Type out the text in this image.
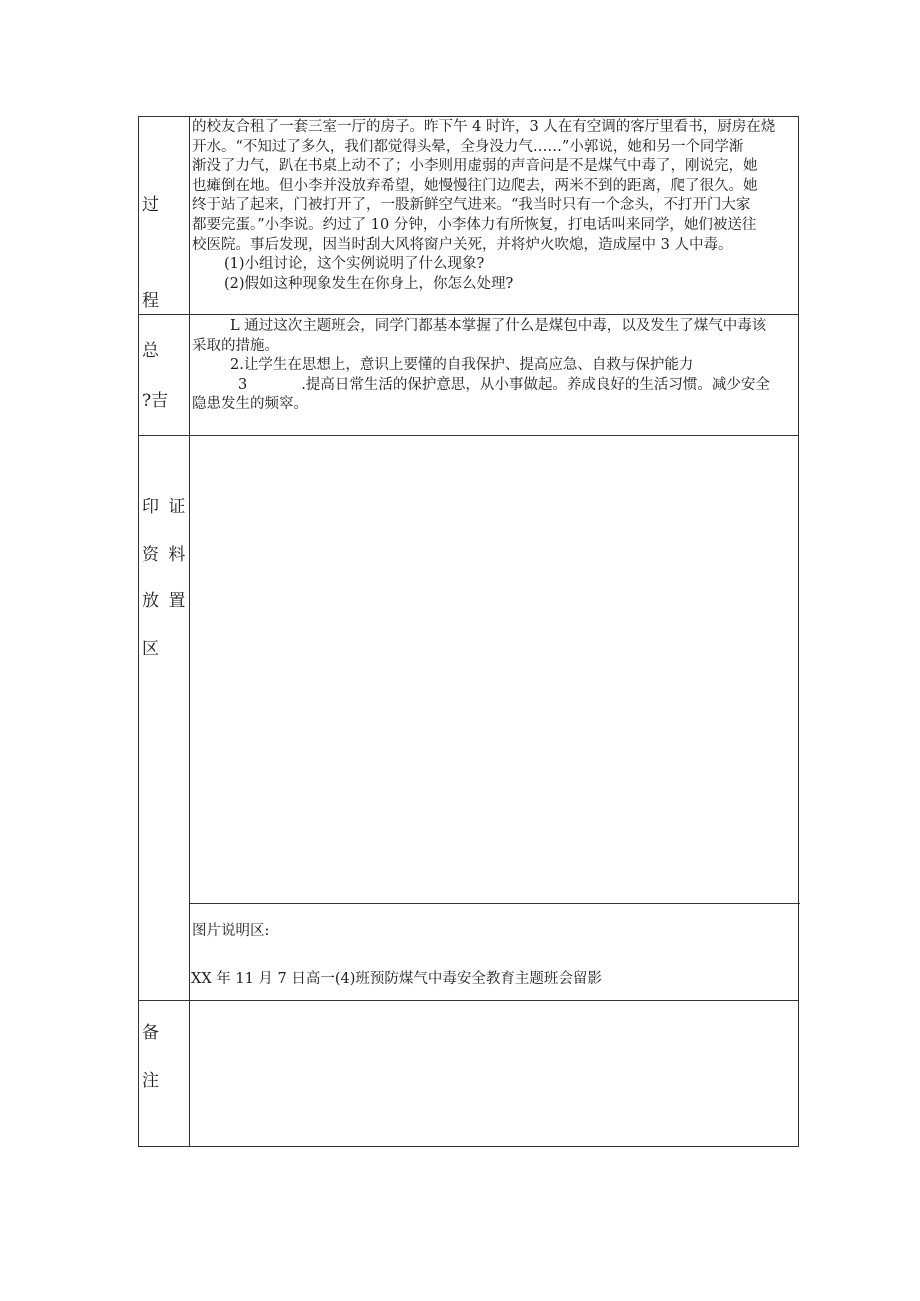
的校友合租了一套三室一厅的房子。昨下午 4 时许，3 人在有空调的客厅里看书，厨房在烧

开水。“不知过了多久，我们都觉得头晕，全身没力气……”小郭说，她和另一个同学渐

渐没了力气，趴在书桌上动不了；小李则用虚弱的声音问是不是煤气中毒了，刚说完，她

也瘫倒在地。但小李并没放弃希望，她慢慢往门边爬去，两米不到的距离，爬了很久。她

终于站了起来，门被打开了，一股新鲜空气进来。“我当时只有一个念头，不打开门大家

都要完蛋。”小李说。约过了 10 分钟，小李体力有所恢复，打电话叫来同学，她们被送往

校医院。事后发现，因当时刮大风将窗户关死，并将炉火吹熄，造成屋中 3 人中毒。

(1)小组讨论，这个实例说明了什么现象?

(2)假如这种现象发生在你身上，你怎么处理?

过
程

L 通过这次主题班会，同学门都基本掌握了什么是煤包中毒，以及发生了煤气中毒该

采取的措施。

2.让学生在思想上，意识上要懂的自我保护、提高应急、自救与保护能力

3	.提高日常生活的保护意思，从小事做起。养成良好的生活习惯。减少安全

隐患发生的频窣。

总
?吉
印 证
资 料
放 置
区
图片说明区:
XX 年 11 月 7 日高一(4)班预防煤气中毒安全教育主题班会留影
备
注
